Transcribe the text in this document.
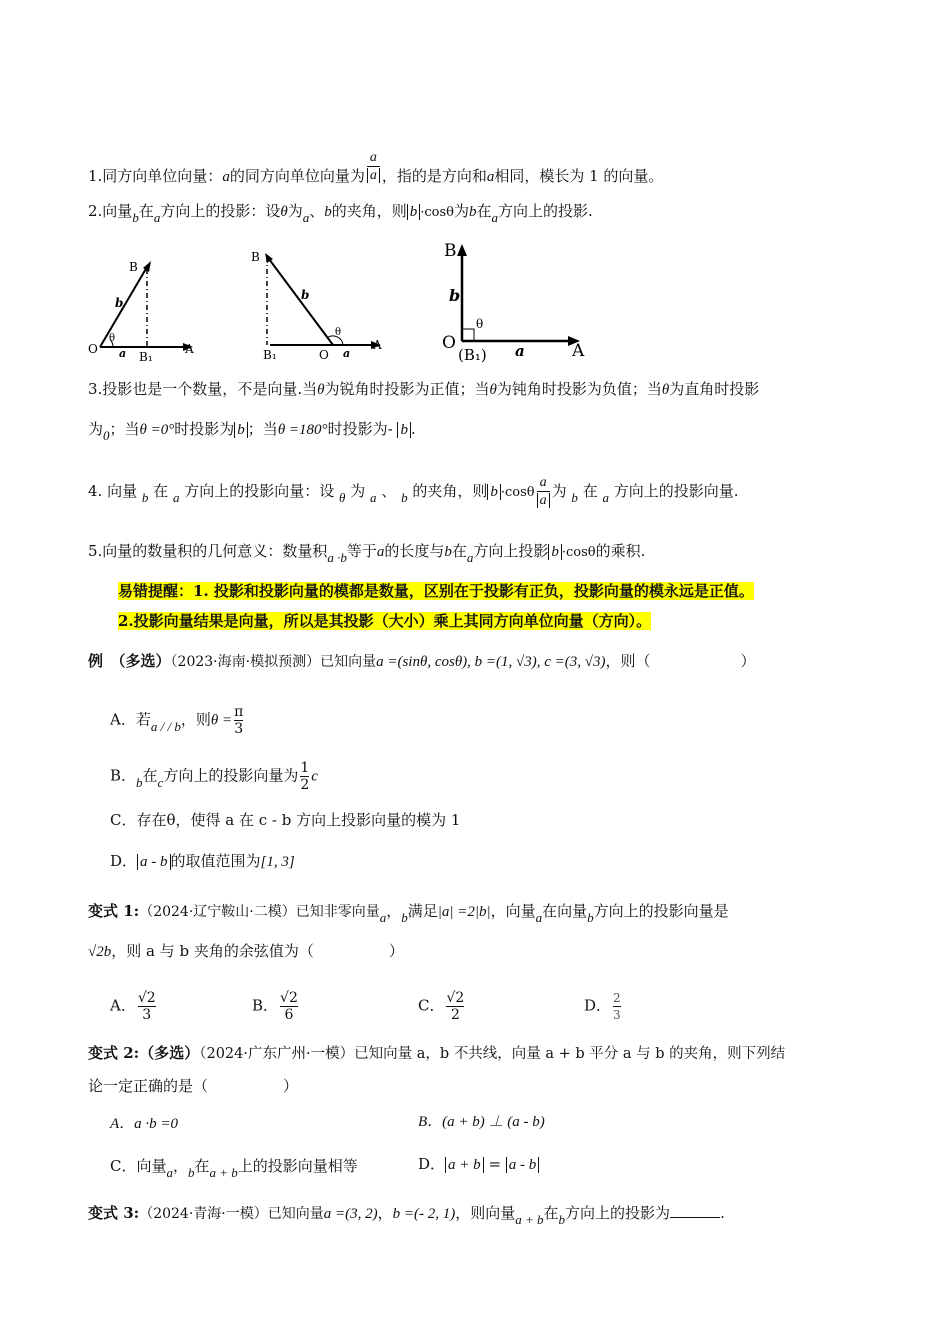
1.同方向单位向量：a的同方向单位向量为 $\frac{a}{a}$ ，指的是方向和a相同，模长为 1 的向量。
2.向量b在a方向上的投影：设θ为a、b的夹角，则 b ·cosθ为b在a方向上的投影.
B
O	A
B₁
b
a
θ
B
O
A
B₁
b
a
θ
B
O	A
(B₁)
b
a
θ
3.投影也是一个数量，不是向量.当θ为锐角时投影为正值；当θ为钝角时投影为负值；当θ为直角时投影
为0；当θ =0°时投影为 b ；当θ =180°时投影为- b .
4. 向量 b 在 a 方向上的投影向量：设 θ 为 a 、 b 的夹角，则 $b \cdot\cos\theta \frac{a}{a}$ 为 b 在 a 方向上的投影向量.
5.向量的数量积的几何意义：数量积a ·b等于a的长度与b在a方向上投影 b ·cosθ的乘积.
易错提醒：1. 投影和投影向量的模都是数量，区别在于投影有正负，投影向量的模永远是正值。
2.投影向量结果是向量，所以是其投影（大小）乘上其同方向单位向量（方向）。
例　 （多选）（2023·海南·模拟预测）已知向量a =(sinθ, cosθ), b =(1, √3), c =(3, √3)，则（　　　　　　）
A．若a / / b，则$\theta = \frac{\pi}{3}$
B．b在c方向上的投影向量为 $\frac{1}{2}$ c
C．存在θ，使得 a 在 c - b 方向上投影向量的模为 1
D． a - b 的取值范围为[1, 3]
变式 1:（2024·辽宁鞍山·二模）已知非零向量a，b满足|a| =2|b|，向量a在向量b方向上的投影向量是
√2b，则 a 与 b 夹角的余弦值为（　　　　　）
A． $\frac{√2}{3}$	B． $\frac{√2}{6}$	C． $\frac{√2}{2}$	D． $\frac{2}{3}$
变式 2:（多选）（2024·广东广州·一模）已知向量 a，b 不共线，向量 a + b 平分 a 与 b 的夹角，则下列结
论一定正确的是（　　　　　）
A．a ·b =0	B．(a + b) ⊥ (a - b)
C．向量a，b在a + b上的投影向量相等	D． a + b = a - b
变式 3:（2024·青海·一模）已知向量a =(3, 2)，b =(- 2, 1)，则向量a + b在b方向上的投影为	.
